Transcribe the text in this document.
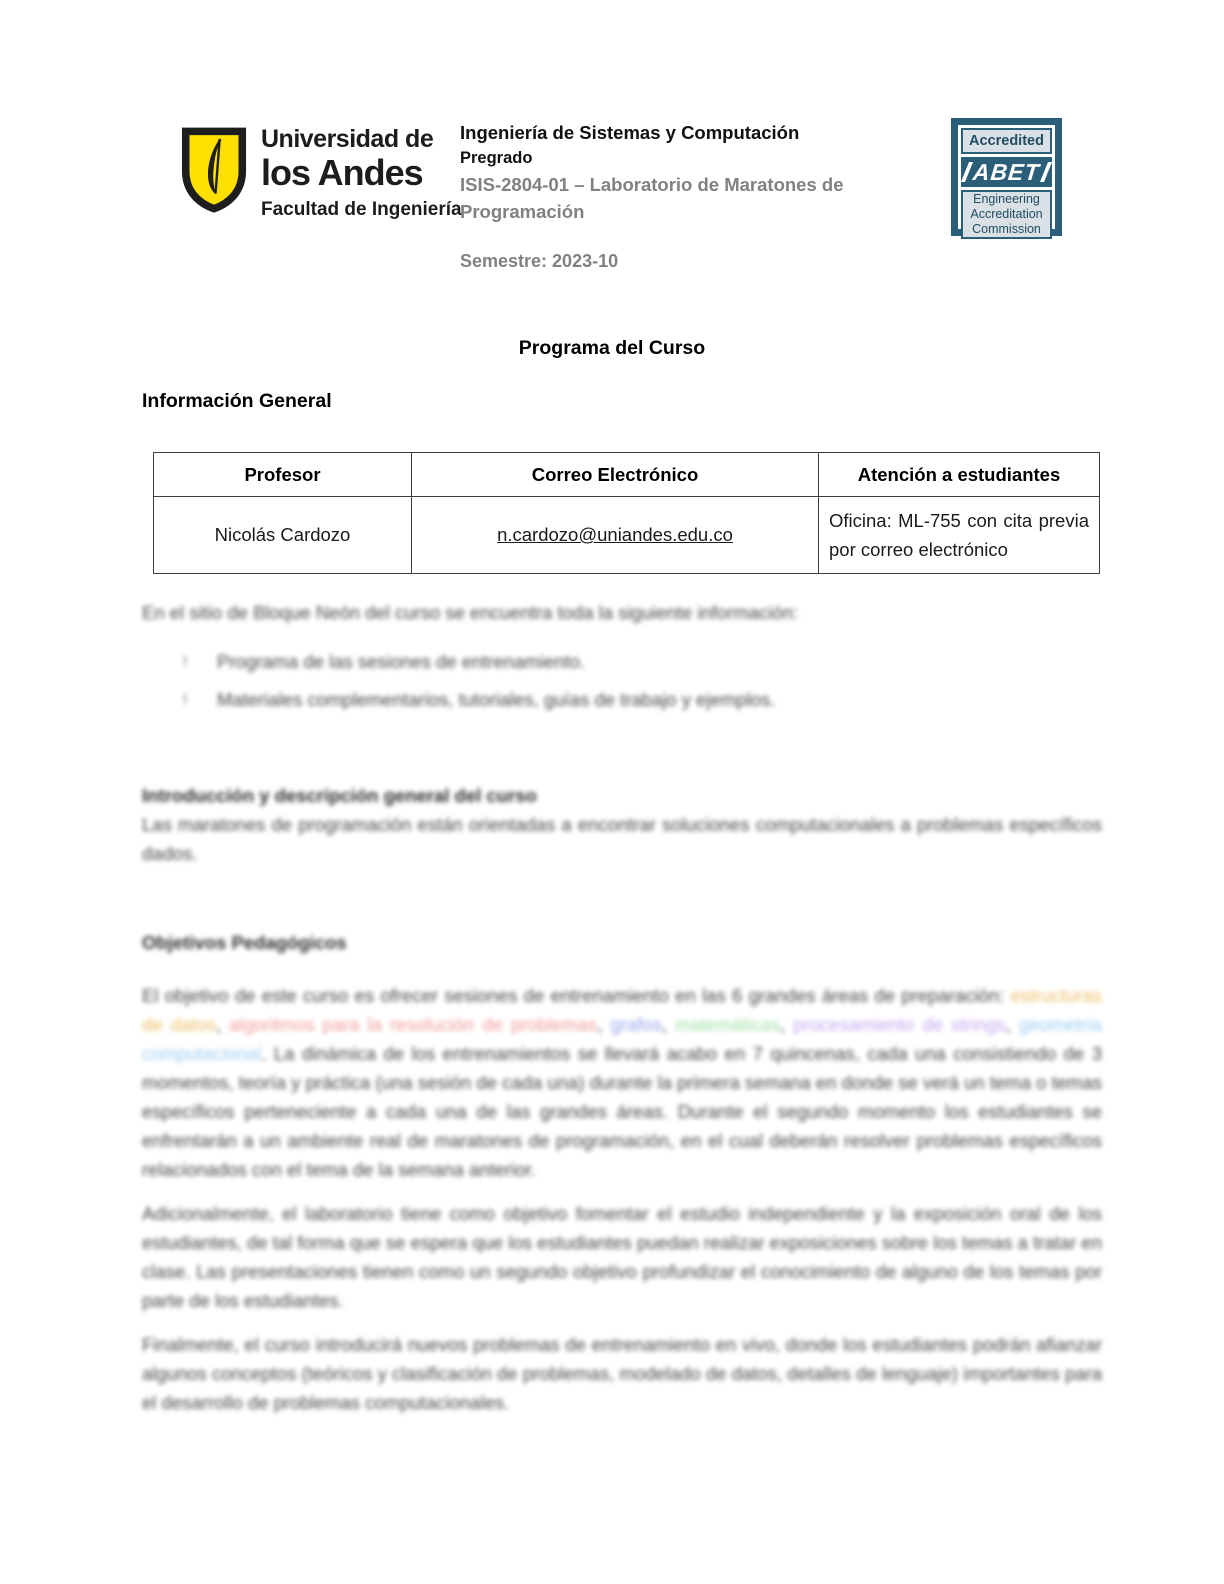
Universidad de
los Andes
Facultad de Ingeniería
Ingeniería de Sistemas y Computación
Pregrado
ISIS-2804-01 – Laboratorio de Maratones de Programación
Semestre: 2023-10
Accredited
ABET
Engineering
Accreditation
Commission
Programa del Curso
Información General
Profesor	Correo Electrónico	Atención a estudiantes
Nicolás Cardozo	n.cardozo@uniandes.edu.co	Oficina: ML-755 con cita previa por correo electrónico
En el sitio de Bloque Neón del curso se encuentra toda la siguiente información:
!	Programa de las sesiones de entrenamiento.
!	Materiales complementarios, tutoriales, guías de trabajo y ejemplos.
Introducción y descripción general del curso
Las maratones de programación están orientadas a encontrar soluciones computacionales a problemas específicos dados.
Objetivos Pedagógicos
El objetivo de este curso es ofrecer sesiones de entrenamiento en las 6 grandes áreas de preparación: estructuras de datos, algoritmos para la resolución de problemas, grafos, matemáticas, procesamiento de strings, geometría computacional. La dinámica de los entrenamientos se llevará acabo en 7 quincenas, cada una consistiendo de 3 momentos, teoría y práctica (una sesión de cada una) durante la primera semana en donde se verá un tema o temas específicos perteneciente a cada una de las grandes áreas. Durante el segundo momento los estudiantes se enfrentarán a un ambiente real de maratones de programación, en el cual deberán resolver problemas específicos relacionados con el tema de la semana anterior.
Adicionalmente, el laboratorio tiene como objetivo fomentar el estudio independiente y la exposición oral de los estudiantes, de tal forma que se espera que los estudiantes puedan realizar exposiciones sobre los temas a tratar en clase. Las presentaciones tienen como un segundo objetivo profundizar el conocimiento de alguno de los temas por parte de los estudiantes.
Finalmente, el curso introducirá nuevos problemas de entrenamiento en vivo, donde los estudiantes podrán afianzar algunos conceptos (teóricos y clasificación de problemas, modelado de datos, detalles de lenguaje) importantes para el desarrollo de problemas computacionales.
